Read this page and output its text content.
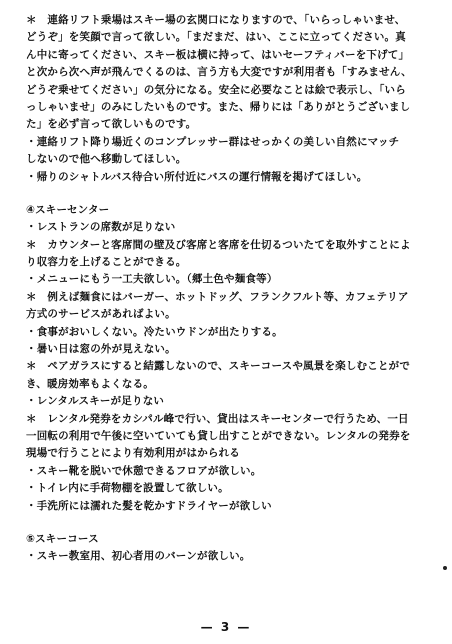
＊　連絡リフト乗場はスキー場の玄関口になりますので、「いらっしゃいませ、
どうぞ」を笑顔で言って欲しい。「まだまだ、はい、ここに立ってください。真
ん中に寄ってください、スキー板は横に持って、はいセーフティバーを下げて」
と次から次へ声が飛んでくるのは、言う方も大変ですが利用者も「すみません、
どうぞ乗せてください」の気分になる。安全に必要なことは絵で表示し、「いら
っしゃいませ」のみにしたいものです。また、帰りには「ありがとうございまし
た」を必ず言って欲しいものです。
・連絡リフト降り場近くのコンプレッサー群はせっかくの美しい自然にマッチ
しないので他へ移動してほしい。
・帰りのシャトルバス待合い所付近にバスの運行情報を掲げてほしい。
④スキーセンター
・レストランの席数が足りない
＊　カウンターと客席間の壁及び客席と客席を仕切るついたてを取外すことによ
り収容力を上げることができる。
・メニューにもう一工夫欲しい。（郷土色や麺食等）
＊　例えば麺食にはバーガー、ホットドッグ、フランクフルト等、カフェテリア
方式のサービスがあればよい。
・食事がおいしくない。冷たいウドンが出たりする。
・暑い日は窓の外が見えない。
＊　ペアガラスにすると結露しないので、スキーコースや風景を楽しむことがで
き、暖房効率もよくなる。
・レンタルスキーが足りない
＊　レンタル発券をカシパル峰で行い、貸出はスキーセンターで行うため、一日
一回転の利用で午後に空いていても貸し出すことができない。レンタルの発券を
現場で行うことにより有効利用がはかられる
・スキー靴を脱いで休憩できるフロアが欲しい。
・トイレ内に手荷物棚を設置して欲しい。
・手洗所には濡れた髪を乾かすドライヤーが欲しい
⑤スキーコース
・スキー教室用、初心者用のバーンが欲しい。
— 3 —
